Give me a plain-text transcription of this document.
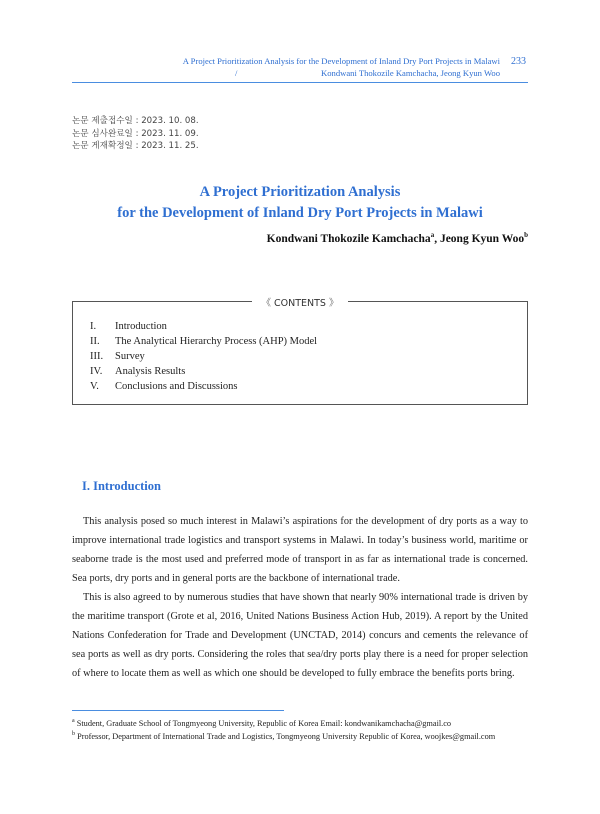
A Project Prioritization Analysis for the Development of Inland Dry Port Projects in Malawi
/	Kondwani Thokozile Kamchacha, Jeong Kyun Woo
233
논문 제출접수일 : 2023. 10. 08.
논문 심사완료일 : 2023. 11. 09.
논문 게재확정일 : 2023. 11. 25.
A Project Prioritization Analysis
for the Development of Inland Dry Port Projects in Malawi
Kondwani Thokozile Kamchacha$^a$, Jeong Kyun Woo$^b$
《 CONTENTS 》
I. Introduction
II. The Analytical Hierarchy Process (AHP) Model
III. Survey
IV. Analysis Results
V. Conclusions and Discussions
I. Introduction

This analysis posed so much interest in Malawi’s aspirations for the development of dry ports as a way to improve international trade logistics and transport systems in Malawi. In today’s business world, maritime or seaborne trade is the most used and preferred mode of transport in as far as international trade is concerned. Sea ports, dry ports and in general ports are the backbone of international trade.

This is also agreed to by numerous studies that have shown that nearly 90% international trade is driven by the maritime transport (Grote et al, 2016, United Nations Business Action Hub, 2019). A report by the United Nations Confederation for Trade and Development (UNCTAD, 2014) concurs and cements the relevance of sea ports as well as dry ports. Considering the roles that sea/dry ports play there is a need for proper selection of where to locate them as well as which one should be developed to fully embrace the benefits ports bring.

$^a$ Student, Graduate School of Tongmyeong University, Republic of Korea Email: kondwanikamchacha@gmail.co
$^b$ Professor, Department of International Trade and Logistics, Tongmyeong University Republic of Korea, woojkes@gmail.com
